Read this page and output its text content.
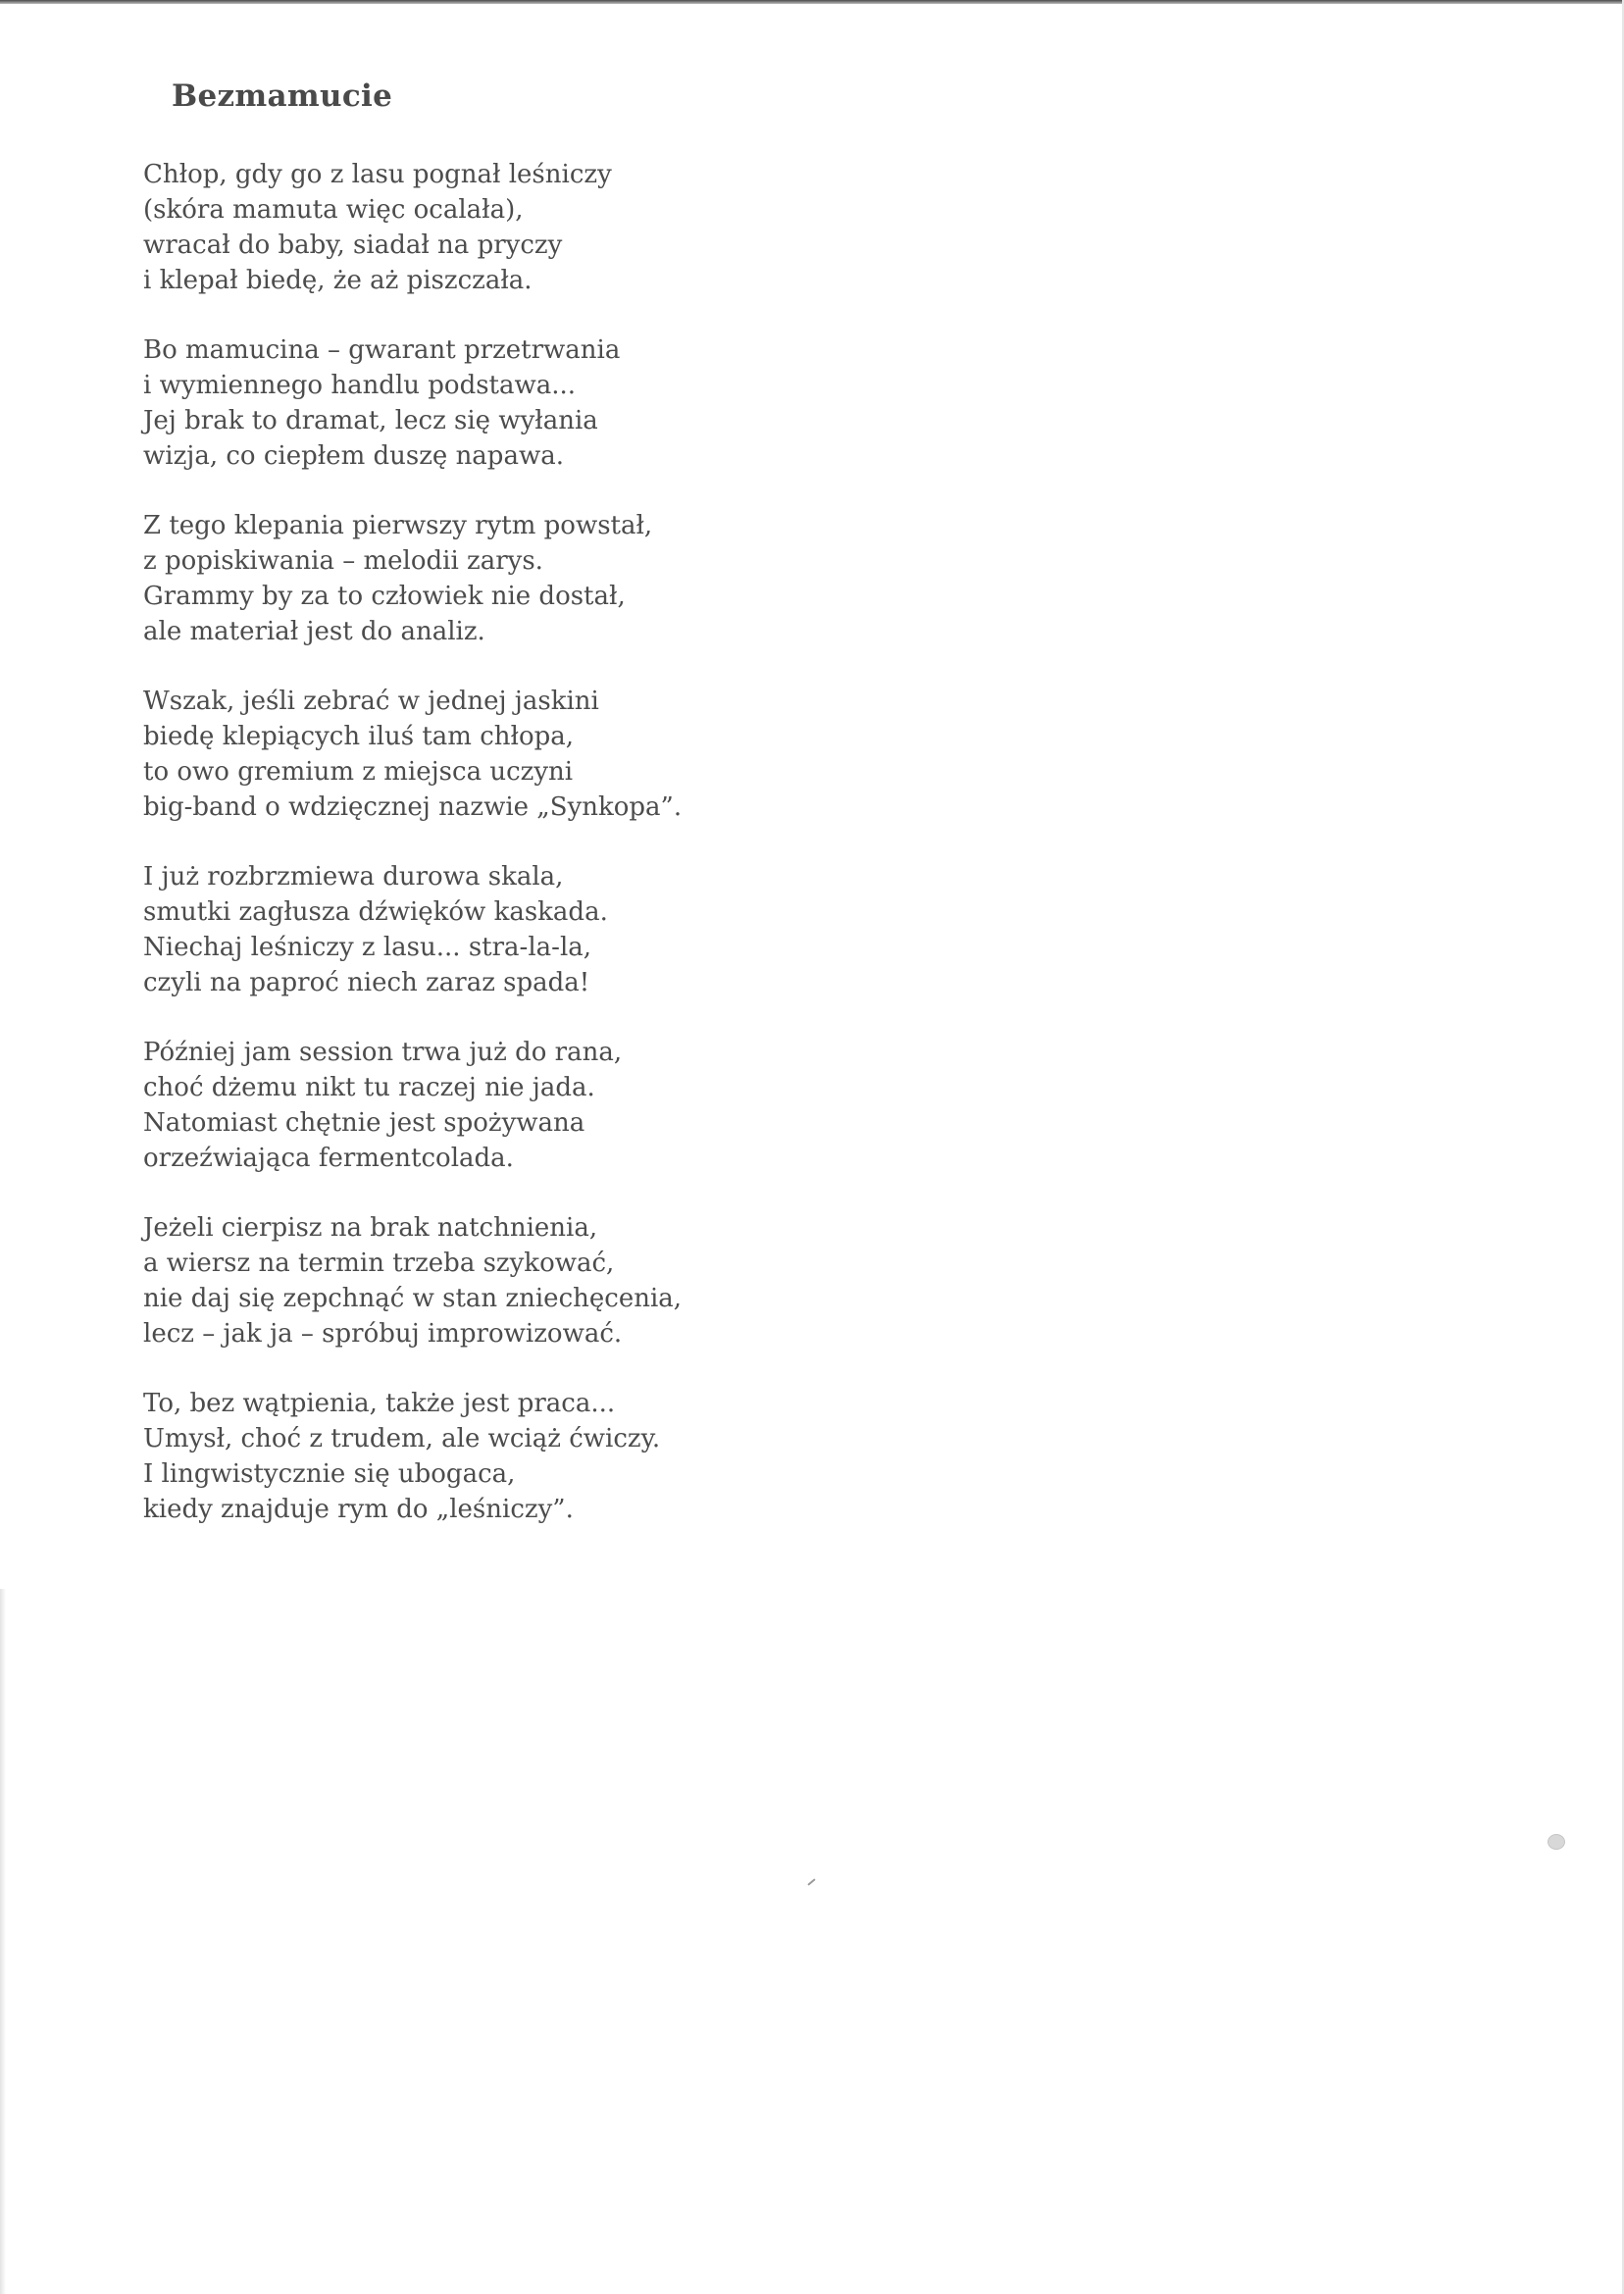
Bezmamucie
Chłop, gdy go z lasu pognał leśniczy
(skóra mamuta więc ocalała),
wracał do baby, siadał na pryczy
i klepał biedę, że aż piszczała.
Bo mamucina – gwarant przetrwania
i wymiennego handlu podstawa...
Jej brak to dramat, lecz się wyłania
wizja, co ciepłem duszę napawa.
Z tego klepania pierwszy rytm powstał,
z popiskiwania – melodii zarys.
Grammy by za to człowiek nie dostał,
ale materiał jest do analiz.
Wszak, jeśli zebrać w jednej jaskini
biedę klepiących iluś tam chłopa,
to owo gremium z miejsca uczyni
big-band o wdzięcznej nazwie „Synkopa”.
I już rozbrzmiewa durowa skala,
smutki zagłusza dźwięków kaskada.
Niechaj leśniczy z lasu... stra-la-la,
czyli na paproć niech zaraz spada!
Później jam session trwa już do rana,
choć dżemu nikt tu raczej nie jada.
Natomiast chętnie jest spożywana
orzeźwiająca fermentcolada.
Jeżeli cierpisz na brak natchnienia,
a wiersz na termin trzeba szykować,
nie daj się zepchnąć w stan zniechęcenia,
lecz – jak ja – spróbuj improwizować.
To, bez wątpienia, także jest praca...
Umysł, choć z trudem, ale wciąż ćwiczy.
I lingwistycznie się ubogaca,
kiedy znajduje rym do „leśniczy”.
